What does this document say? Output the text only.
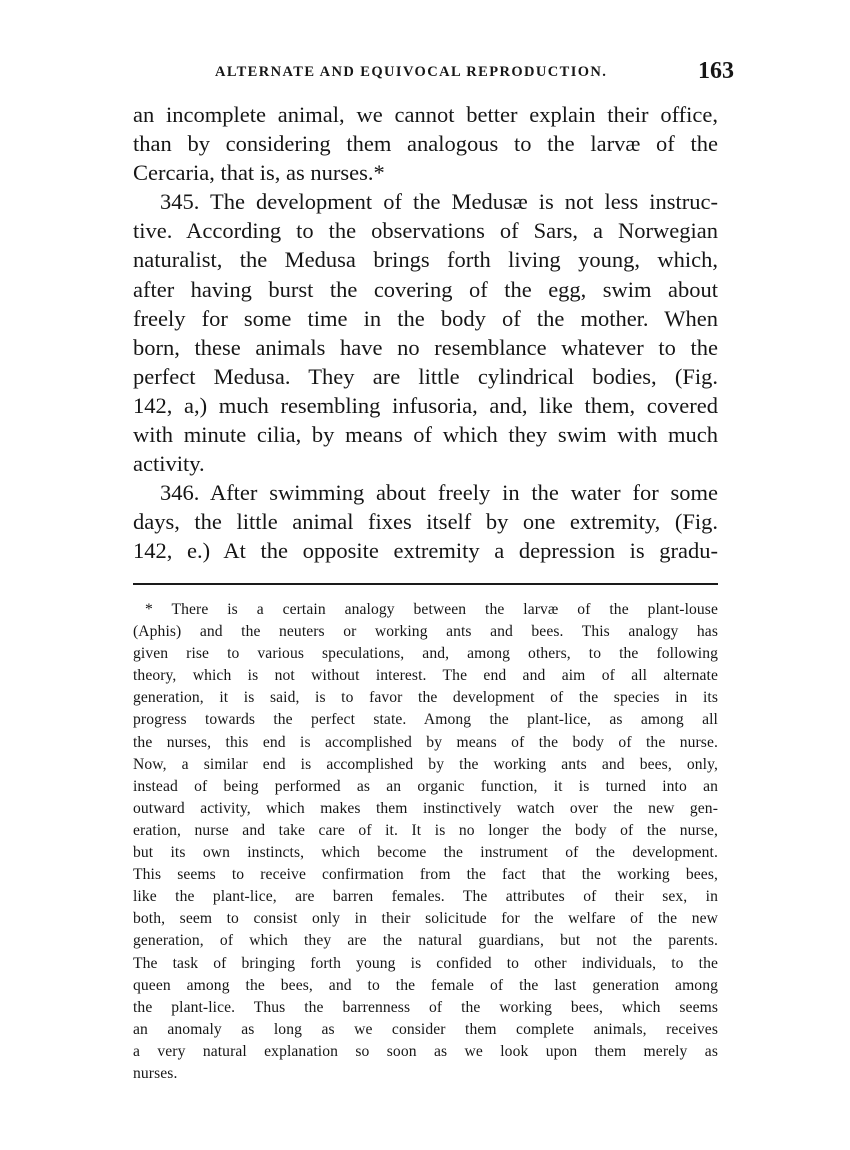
ALTERNATE AND EQUIVOCAL REPRODUCTION.	163
an incomplete animal, we cannot better explain their office,
than by considering them analogous to the larvæ of the
Cercaria, that is, as nurses.*
345. The development of the Medusæ is not less instruc-
tive. According to the observations of Sars, a Norwegian
naturalist, the Medusa brings forth living young, which,
after having burst the covering of the egg, swim about
freely for some time in the body of the mother. When
born, these animals have no resemblance whatever to the
perfect Medusa. They are little cylindrical bodies, (Fig.
142, a,) much resembling infusoria, and, like them, covered
with minute cilia, by means of which they swim with much
activity.
346. After swimming about freely in the water for some
days, the little animal fixes itself by one extremity, (Fig.
142, e.) At the opposite extremity a depression is gradu-
* There is a certain analogy between the larvæ of the plant-louse
(Aphis) and the neuters or working ants and bees. This analogy has
given rise to various speculations, and, among others, to the following
theory, which is not without interest. The end and aim of all alternate
generation, it is said, is to favor the development of the species in its
progress towards the perfect state. Among the plant-lice, as among all
the nurses, this end is accomplished by means of the body of the nurse.
Now, a similar end is accomplished by the working ants and bees, only,
instead of being performed as an organic function, it is turned into an
outward activity, which makes them instinctively watch over the new gen-
eration, nurse and take care of it. It is no longer the body of the nurse,
but its own instincts, which become the instrument of the development.
This seems to receive confirmation from the fact that the working bees,
like the plant-lice, are barren females. The attributes of their sex, in
both, seem to consist only in their solicitude for the welfare of the new
generation, of which they are the natural guardians, but not the parents.
The task of bringing forth young is confided to other individuals, to the
queen among the bees, and to the female of the last generation among
the plant-lice. Thus the barrenness of the working bees, which seems
an anomaly as long as we consider them complete animals, receives
a very natural explanation so soon as we look upon them merely as
nurses.
